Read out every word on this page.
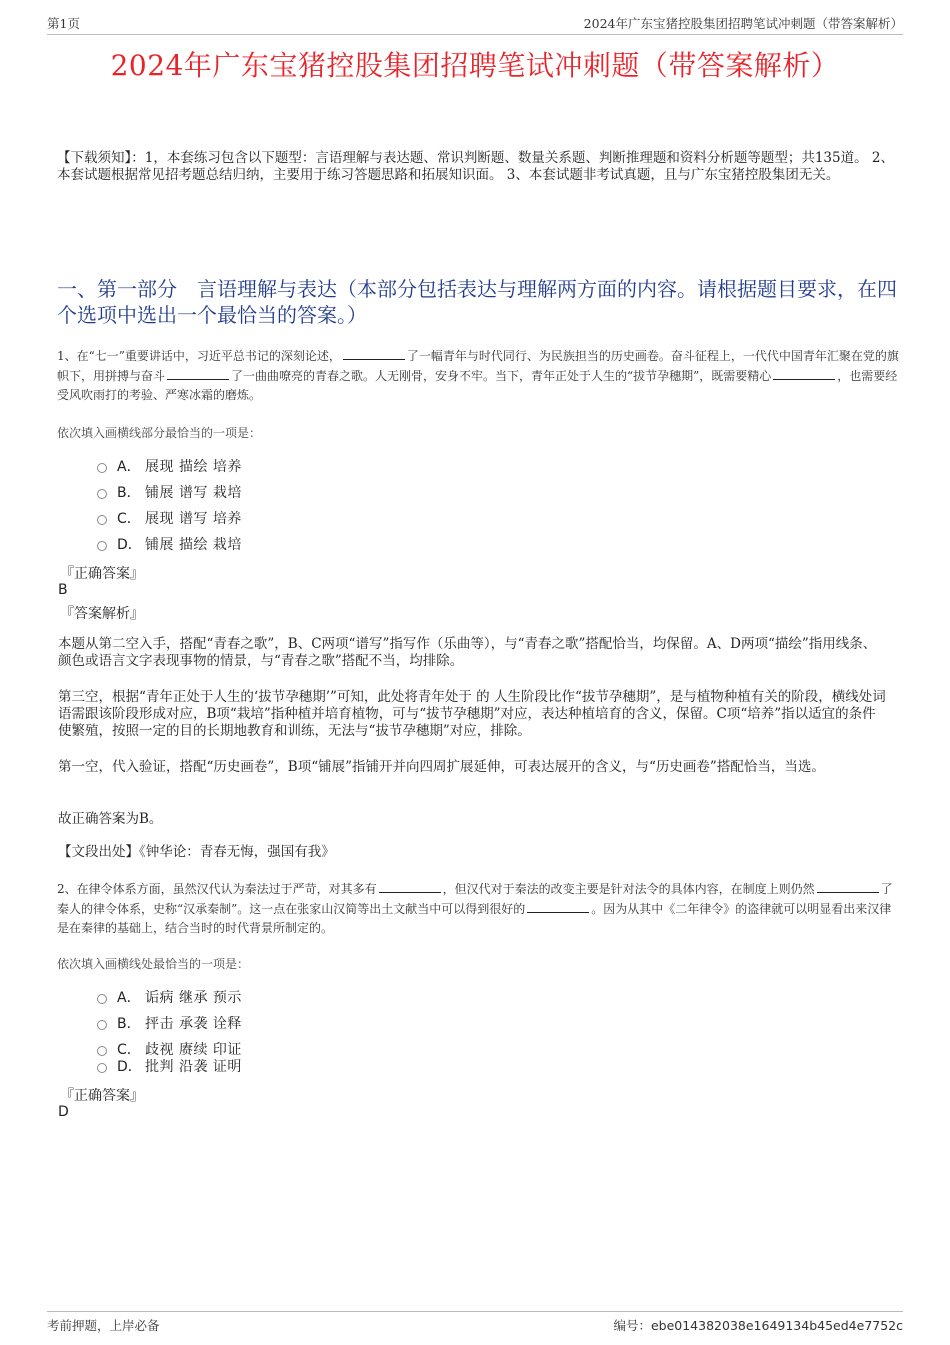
第1页	2024年广东宝猪控股集团招聘笔试冲刺题（带答案解析）
2024年广东宝猪控股集团招聘笔试冲刺题（带答案解析）
【下载须知】：1，本套练习包含以下题型：言语理解与表达题、常识判断题、数量关系题、判断推理题和资料分析题等题型；共135道。 2、本套试题根据常见招考题总结归纳，主要用于练习答题思路和拓展知识面。 3、本套试题非考试真题，且与广东宝猪控股集团无关。
一、第一部分　言语理解与表达（本部分包括表达与理解两方面的内容。请根据题目要求，在四个选项中选出一个最恰当的答案。）
1、在“七一”重要讲话中，习近平总书记的深刻论述，	了一幅青年与时代同行、为民族担当的历史画卷。奋斗征程上，一代代中国青年汇聚在党的旗帜下，用拼搏与奋斗	了一曲曲嘹亮的青春之歌。人无刚骨，安身不牢。当下，青年正处于人生的“拔节孕穗期”，既需要精心	，也需要经受风吹雨打的考验、严寒冰霜的磨炼。
依次填入画横线部分最恰当的一项是：
A． 展现 描绘 培养
B． 铺展 谱写 栽培
C． 展现 谱写 培养
D． 铺展 描绘 栽培
『正确答案』
B
『答案解析』
本题从第二空入手，搭配“青春之歌”，B、C两项“谱写”指写作（乐曲等），与“青春之歌”搭配恰当，均保留。A、D两项“描绘”指用线条、颜色或语言文字表现事物的情景，与“青春之歌”搭配不当，均排除。
第三空，根据“青年正处于人生的‘拔节孕穗期’”可知，此处将青年处于 的 人生阶段比作“拔节孕穗期”，是与植物种植有关的阶段，横线处词语需跟该阶段形成对应，B项“栽培”指种植并培育植物，可与“拔节孕穗期”对应，表达种植培育的含义，保留。C项“培养”指以适宜的条件使繁殖，按照一定的目的长期地教育和训练，无法与“拔节孕穗期”对应，排除。
第一空，代入验证，搭配“历史画卷”，B项“铺展”指铺开并向四周扩展延伸，可表达展开的含义，与“历史画卷”搭配恰当，当选。
故正确答案为B。
【文段出处】《钟华论：青春无悔，强国有我》
2、在律令体系方面，虽然汉代认为秦法过于严苛，对其多有	，但汉代对于秦法的改变主要是针对法令的具体内容，在制度上则仍然	了秦人的律令体系，史称“汉承秦制”。这一点在张家山汉简等出土文献当中可以得到很好的	。因为从其中《二年律令》的盗律就可以明显看出来汉律是在秦律的基础上，结合当时的时代背景所制定的。
依次填入画横线处最恰当的一项是：
A． 诟病 继承 预示
B． 抨击 承袭 诠释
C． 歧视 赓续 印证
D． 批判 沿袭 证明
『正确答案』
D
考前押题，上岸必备	编号：ebe014382038e1649134b45ed4e7752c
